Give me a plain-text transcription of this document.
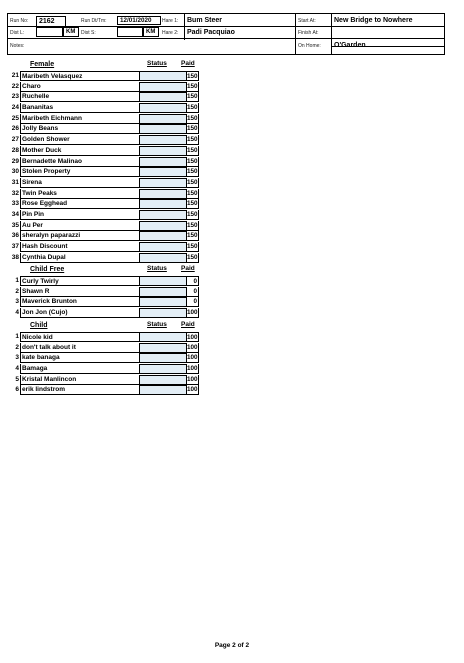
Run No:	2162	Run Dt/Tm:	12/01/2020	Hare 1: Bum Steer	Start At:	New Bridge to Nowhere
Dist L:	KM	Dist S:	KM	Hare 2: Padi Pacquiao	Finish At:
Notes:	On Home: O'Garden
Female	Status Paid
21 Maribeth Velasquez	150
22 Charo	150
23 Ruchelle	150
24 Bananitas	150
25 Maribeth Eichmann	150
26 Jolly Beans	150
27 Golden Shower	150
28 Mother Duck	150
29 Bernadette Malinao	150
30 Stolen Property	150
31 Sirena	150
32 Twin Peaks	150
33 Rose Egghead	150
34 Pin Pin	150
35 Au Per	150
36 sheralyn paparazzi	150
37 Hash Discount	150
38 Cynthia Dupal	150
Child Free	Status Paid
1 Curly Twirly	0
2 Shawn R	0
3 Maverick Brunton	0
4 Jon Jon (Cujo)	100
Child	Status Paid
1 Nicole kid	100
2 don't talk about it	100
3 kate banaga	100
4 Bamaga	100
5 Kristal Manlincon	100
6 erik lindstrom	100
Page 2 of 2
